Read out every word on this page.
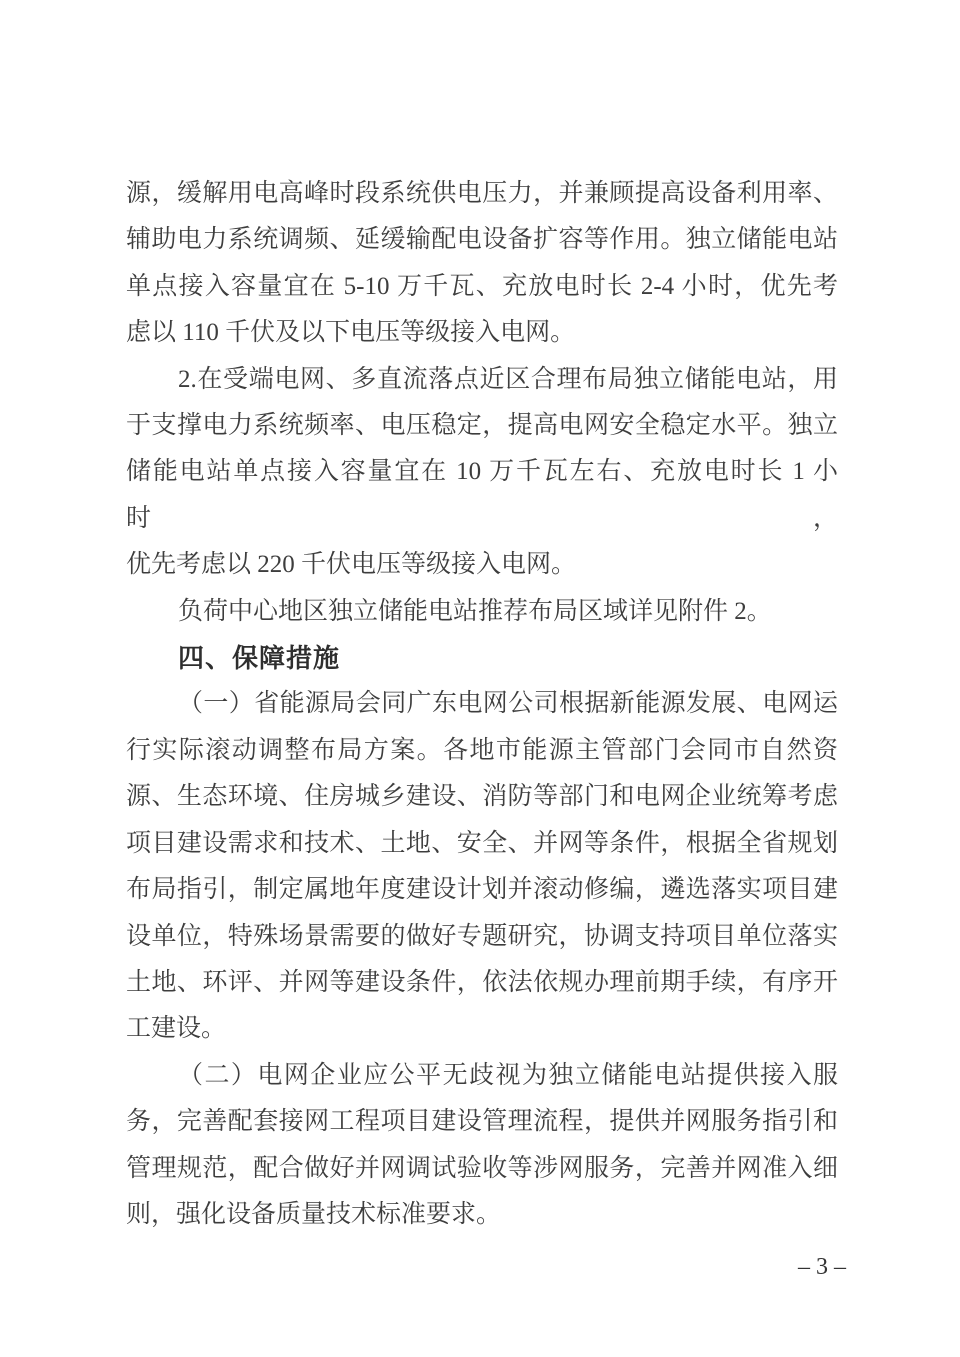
源，缓解用电高峰时段系统供电压力，并兼顾提高设备利用率、
辅助电力系统调频、延缓输配电设备扩容等作用。独立储能电站
单点接入容量宜在 5-10 万千瓦、充放电时长 2-4 小时，优先考
虑以 110 千伏及以下电压等级接入电网。
2.在受端电网、多直流落点近区合理布局独立储能电站，用
于支撑电力系统频率、电压稳定，提高电网安全稳定水平。独立
储能电站单点接入容量宜在 10 万千瓦左右、充放电时长 1 小时，
优先考虑以 220 千伏电压等级接入电网。
负荷中心地区独立储能电站推荐布局区域详见附件 2。
四、保障措施
（一）省能源局会同广东电网公司根据新能源发展、电网运
行实际滚动调整布局方案。各地市能源主管部门会同市自然资
源、生态环境、住房城乡建设、消防等部门和电网企业统筹考虑
项目建设需求和技术、土地、安全、并网等条件，根据全省规划
布局指引，制定属地年度建设计划并滚动修编，遴选落实项目建
设单位，特殊场景需要的做好专题研究，协调支持项目单位落实
土地、环评、并网等建设条件，依法依规办理前期手续，有序开
工建设。
（二）电网企业应公平无歧视为独立储能电站提供接入服
务，完善配套接网工程项目建设管理流程，提供并网服务指引和
管理规范，配合做好并网调试验收等涉网服务，完善并网准入细
则，强化设备质量技术标准要求。
– 3 –
